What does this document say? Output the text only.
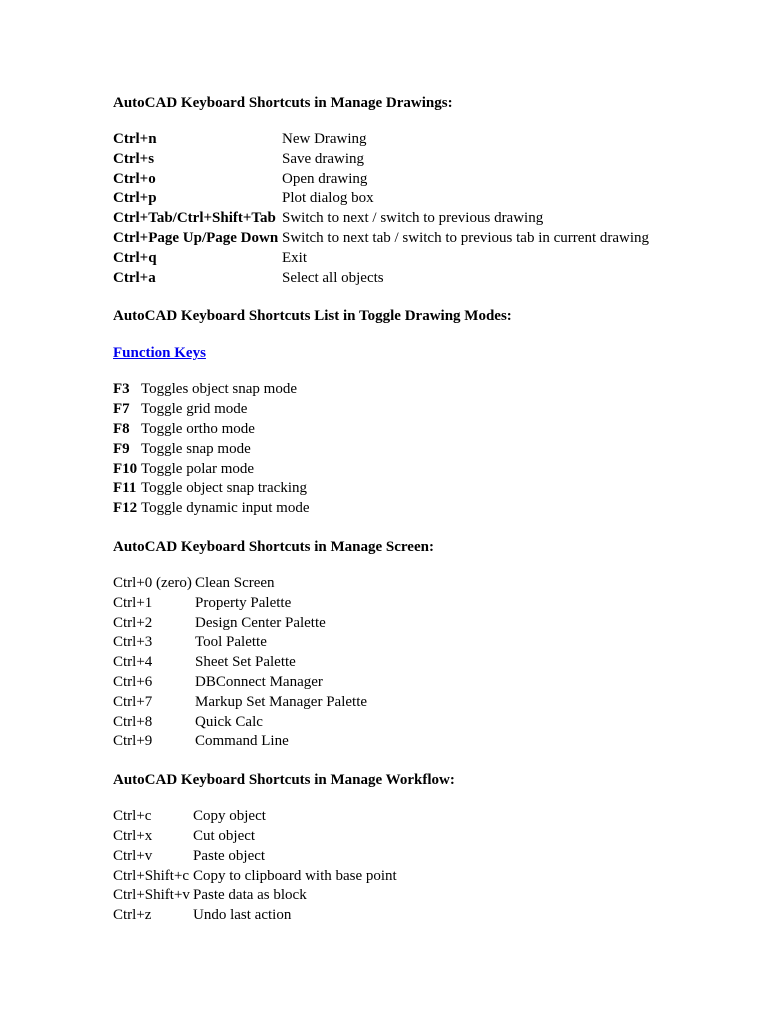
AutoCAD Keyboard Shortcuts in Manage Drawings:
Ctrl+n	New Drawing
Ctrl+s	Save drawing
Ctrl+o	Open drawing
Ctrl+p	Plot dialog box
Ctrl+Tab/Ctrl+Shift+Tab Switch to next / switch to previous drawing
Ctrl+Page Up/Page Down Switch to next tab / switch to previous tab in current drawing
Ctrl+q	Exit
Ctrl+a	Select all objects
AutoCAD Keyboard Shortcuts List in Toggle Drawing Modes:
Function Keys
F3 Toggles object snap mode
F7 Toggle grid mode
F8 Toggle ortho mode
F9 Toggle snap mode
F10 Toggle polar mode
F11 Toggle object snap tracking
F12 Toggle dynamic input mode
AutoCAD Keyboard Shortcuts in Manage Screen:
Ctrl+0 (zero) Clean Screen
Ctrl+1	Property Palette
Ctrl+2	Design Center Palette
Ctrl+3	Tool Palette
Ctrl+4	Sheet Set Palette
Ctrl+6	DBConnect Manager
Ctrl+7	Markup Set Manager Palette
Ctrl+8	Quick Calc
Ctrl+9	Command Line
AutoCAD Keyboard Shortcuts in Manage Workflow:
Ctrl+c	Copy object
Ctrl+x	Cut object
Ctrl+v	Paste object
Ctrl+Shift+c Copy to clipboard with base point
Ctrl+Shift+v Paste data as block
Ctrl+z	Undo last action
